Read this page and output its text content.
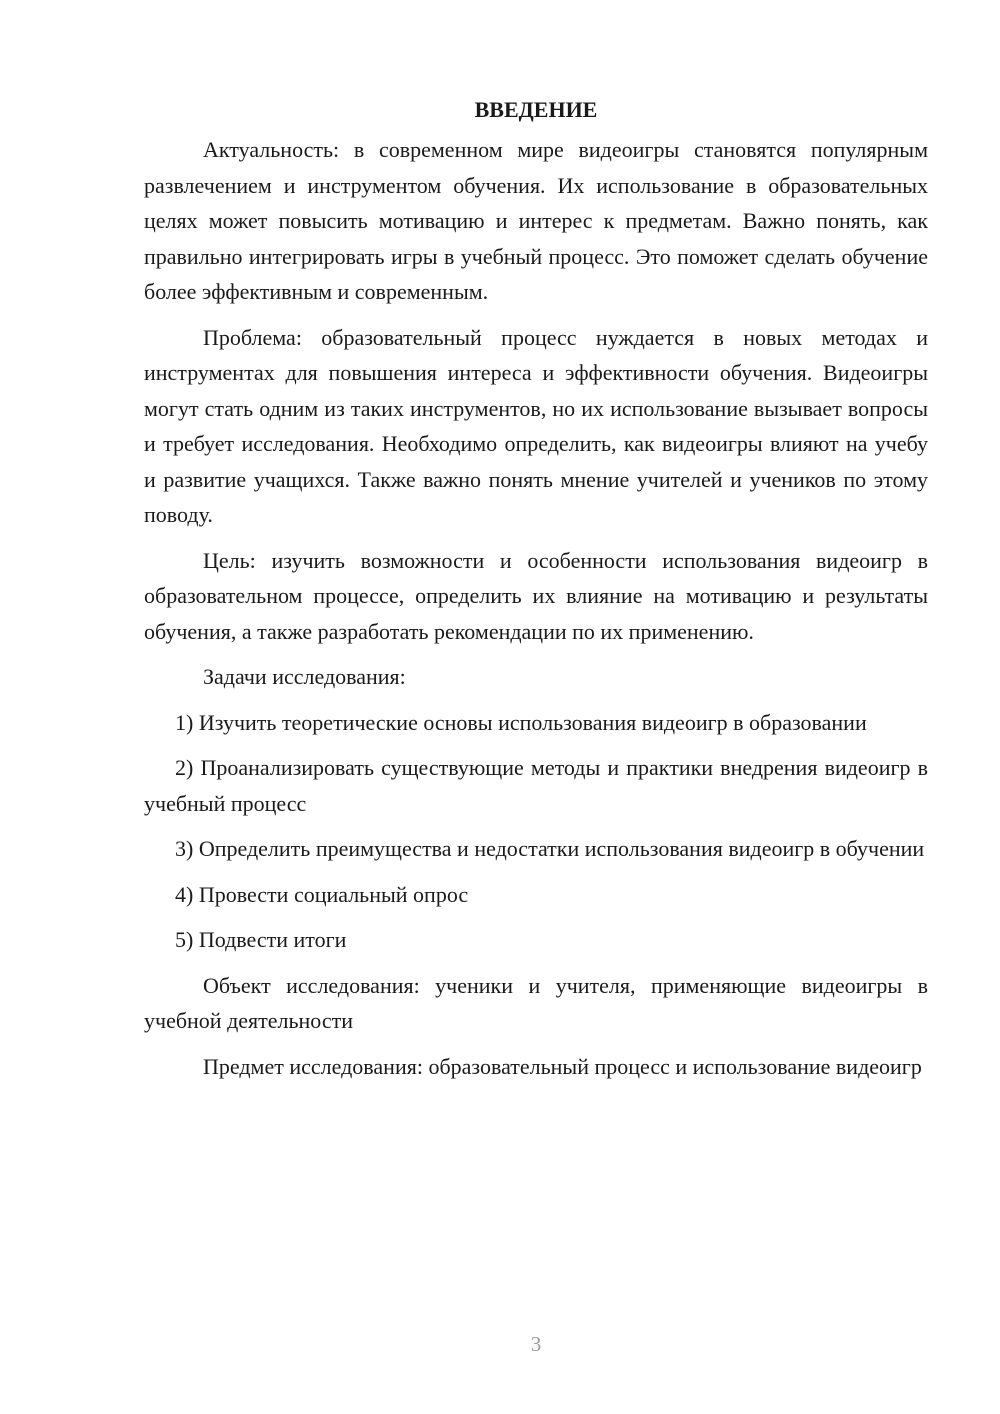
ВВЕДЕНИЕ

Актуальность: в современном мире видеоигры становятся популярным развлечением и инструментом обучения. Их использование в образовательных целях может повысить мотивацию и интерес к предметам. Важно понять, как правильно интегрировать игры в учебный процесс. Это поможет сделать обучение более эффективным и современным.

Проблема: образовательный процесс нуждается в новых методах и инструментах для повышения интереса и эффективности обучения. Видеоигры могут стать одним из таких инструментов, но их использование вызывает вопросы и требует исследования. Необходимо определить, как видеоигры влияют на учебу и развитие учащихся. Также важно понять мнение учителей и учеников по этому поводу.

Цель: изучить возможности и особенности использования видеоигр в образовательном процессе, определить их влияние на мотивацию и результаты обучения, а также разработать рекомендации по их применению.

Задачи исследования:

1) Изучить теоретические основы использования видеоигр в образовании

2) Проанализировать существующие методы и практики внедрения видеоигр в учебный процесс

3) Определить преимущества и недостатки использования видеоигр в обучении

4) Провести социальный опрос

5) Подвести итоги

Объект исследования: ученики и учителя, применяющие видеоигры в учебной деятельности

Предмет исследования: образовательный процесс и использование видеоигр

3
